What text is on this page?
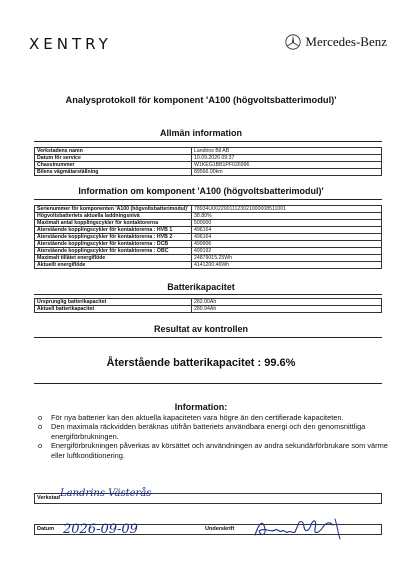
XENTRY	Mercedes-Benz
Analysprotokoll för komponent 'A100 (högvoltsbatterimodul)'
Allmän information
Verkstadens namn	Landrins Bil AB
Datum för service	10.09.2026 09:37
Chassinummer	W1KEG1BB1PF026996
Bilens vägmätarställning	89566.00km
Information om komponent 'A100 (högvoltsbatterimodul)'
Serienummer för komponenten 'A100 (högvoltsbatterimodul)'	78934U00220011123021000008511001
Högvoltsbatteriets aktuella laddningsnivå	38.80%
Maximalt antal kopplingscykler för kontaktorerna	500000
Återstående kopplingscykler för kontaktorerna : HVB 1	496164
Återstående kopplingscykler för kontaktorerna : HVB 2	496164
Återstående kopplingscykler för kontaktorerna : DCB	499906
Återstående kopplingscykler för kontaktorerna : OBC	499192
Maximalt tillåtet energiflöde	24879015.25Wh
Aktuellt energiflöde	4141200.46Wh
Batterikapacitet
Ursprunglig batterikapacitet	282.00Ah
Aktuell batterikapacitet	280.94Ah
Resultat av kontrollen
Återstående batterikapacitet : 99.6%
Information:
o För nya batterier kan den aktuella kapaciteten vara högre än den certifierade kapaciteten.
o Den maximala räckvidden beräknas utifrån batteriets användbara energi och den genomsnittliga energiförbrukningen.
o Energiförbrukningen påverkas av körsättet och användningen av andra sekundärförbrukare som värme eller luftkonditionering.
Verkstad Landrins Västerås
Datum 2026-09-09	Underskrift
